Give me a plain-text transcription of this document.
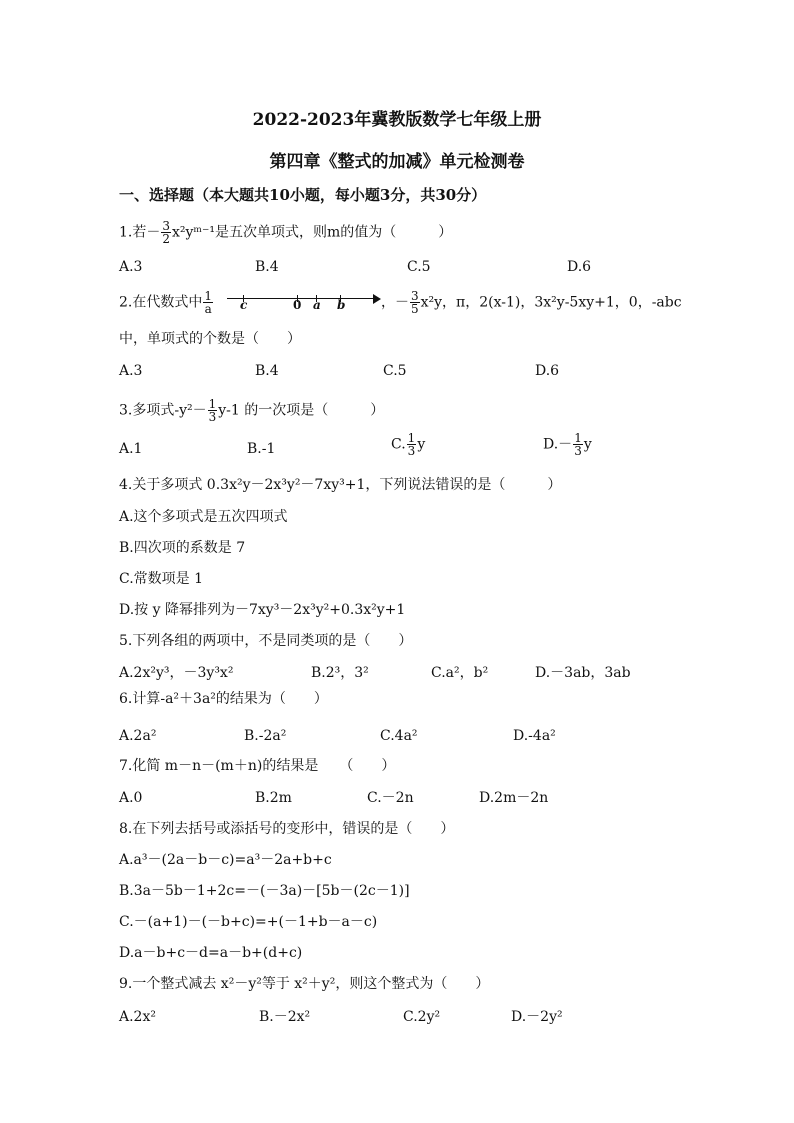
2022-2023年冀教版数学七年级上册
第四章《整式的加减》单元检测卷
一、选择题（本大题共10小题，每小题3分，共30分）
1.若－ $\frac{3}{2}$ x²yᵐ⁻¹是五次单项式，则m的值为（　　　）
A.3	B.4	C.5	D.6
2.在代数式中 $\frac{1}{a}$ c	0 a b	，－ $\frac{3}{5} x^2y$，π，2(x-1)，3x²y-5xy+1，0，-abc
中，单项式的个数是（　　）
A.3	B.4	C.5	D.6
3.多项式$-y^2- \frac{1}{3} y-1$ 的一次项是（　　　）
A.1	B.-1	C. $\frac{1}{3}$ y	$D.- \frac{1}{3}$ y
4.关于多项式 0.3x²y－2x³y²－7xy³+1，下列说法错误的是（　　　）
A.这个多项式是五次四项式
B.四次项的系数是 7
C.常数项是 1
D.按 y 降幂排列为－7xy³－2x³y²+0.3x²y+1
5.下列各组的两项中，不是同类项的是（　　）
A.2x²y³，－3y³x²	B.2³，3²	C.a²，b²	D.－3ab，3ab
6.计算-a²＋3a²的结果为（　　）
A.2a²	B.-2a²	C.4a²	D.-4a²
7.化简 m－n－(m＋n)的结果是　　（　　）
A.0	B.2m	C.－2n	D.2m－2n
8.在下列去括号或添括号的变形中，错误的是（　　）
A.a³－(2a－b－c)=a³－2a+b+c
B.3a－5b－1+2c=－(－3a)－[5b－(2c－1)]
C.－(a+1)－(－b+c)=+(－1+b－a－c)
D.a－b+c－d=a－b+(d+c)
9.一个整式减去 x²－y²等于 x²＋y²，则这个整式为（　　）
A.2x²	B.－2x²	C.2y²	D.－2y²
